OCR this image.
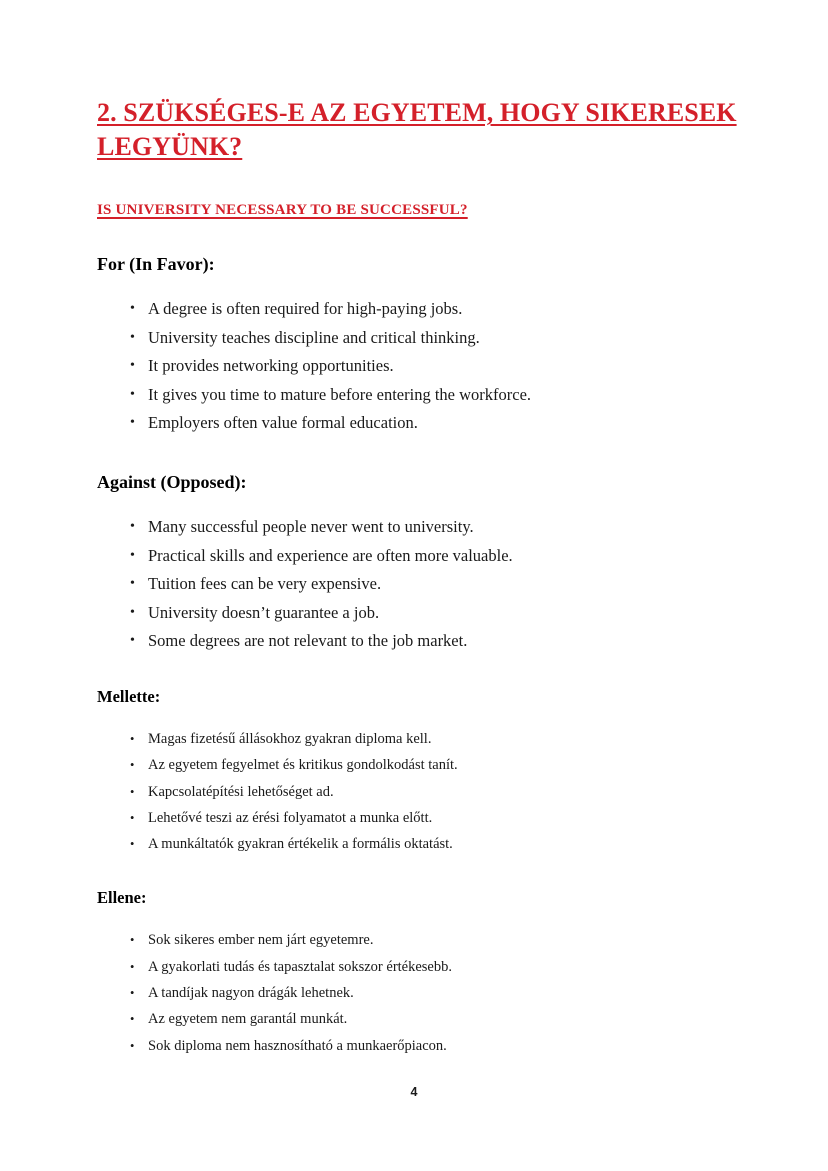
2. SZÜKSÉGES-E AZ EGYETEM, HOGY SIKERESEK
LEGYÜNK?
IS UNIVERSITY NECESSARY TO BE SUCCESSFUL?
For (In Favor):
• A degree is often required for high-paying jobs.
• University teaches discipline and critical thinking.
• It provides networking opportunities.
• It gives you time to mature before entering the workforce.
• Employers often value formal education.
Against (Opposed):
• Many successful people never went to university.
• Practical skills and experience are often more valuable.
• Tuition fees can be very expensive.
• University doesn’t guarantee a job.
• Some degrees are not relevant to the job market.
Mellette:
• Magas fizetésű állásokhoz gyakran diploma kell.
• Az egyetem fegyelmet és kritikus gondolkodást tanít.
• Kapcsolatépítési lehetőséget ad.
• Lehetővé teszi az érési folyamatot a munka előtt.
• A munkáltatók gyakran értékelik a formális oktatást.
Ellene:
• Sok sikeres ember nem járt egyetemre.
• A gyakorlati tudás és tapasztalat sokszor értékesebb.
• A tandíjak nagyon drágák lehetnek.
• Az egyetem nem garantál munkát.
• Sok diploma nem hasznosítható a munkaerőpiacon.
4
